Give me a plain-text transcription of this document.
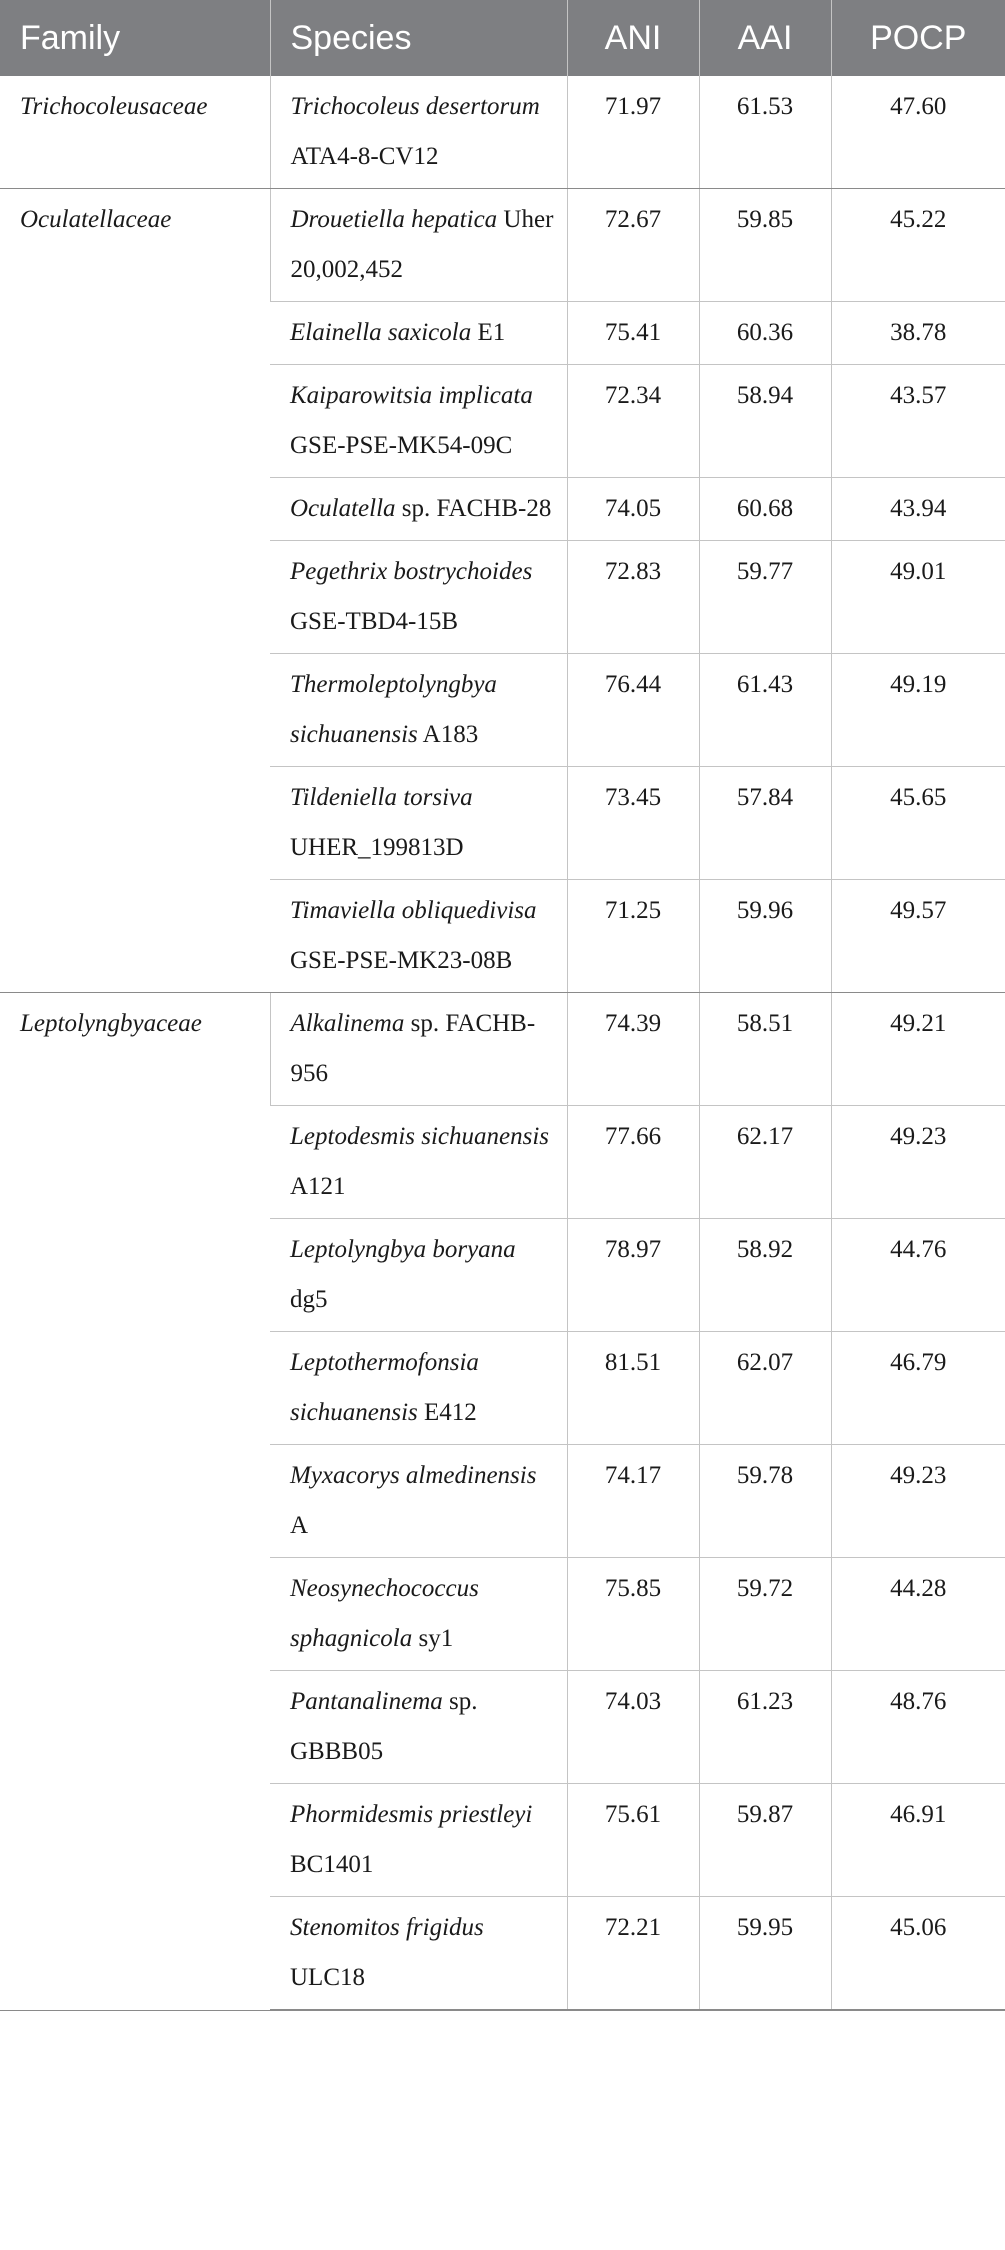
Family	Species	ANI	AAI	POCP
Trichocoleusaceae	Trichocoleus desertorum ATA4-8-CV12	71.97	61.53	47.60
Oculatellaceae	Drouetiella hepatica Uher 20,002,452	72.67	59.85	45.22
	Elainella saxicola E1	75.41	60.36	38.78
	Kaiparowitsia implicata GSE-PSE-MK54-09C	72.34	58.94	43.57
	Oculatella sp. FACHB-28	74.05	60.68	43.94
	Pegethrix bostrychoides GSE-TBD4-15B	72.83	59.77	49.01
	Thermoleptolyngbya sichuanensis A183	76.44	61.43	49.19
	Tildeniella torsiva UHER_199813D	73.45	57.84	45.65
	Timaviella obliquedivisa GSE-PSE-MK23-08B	71.25	59.96	49.57
Leptolyngbyaceae	Alkalinema sp. FACHB-956	74.39	58.51	49.21
	Leptodesmis sichuanensis A121	77.66	62.17	49.23
	Leptolyngbya boryana dg5	78.97	58.92	44.76
	Leptothermofonsia sichuanensis E412	81.51	62.07	46.79
	Myxacorys almedinensis A	74.17	59.78	49.23
	Neosynechococcus sphagnicola sy1	75.85	59.72	44.28
	Pantanalinema sp. GBBB05	74.03	61.23	48.76
	Phormidesmis priestleyi BC1401	75.61	59.87	46.91
	Stenomitos frigidus ULC18	72.21	59.95	45.06
